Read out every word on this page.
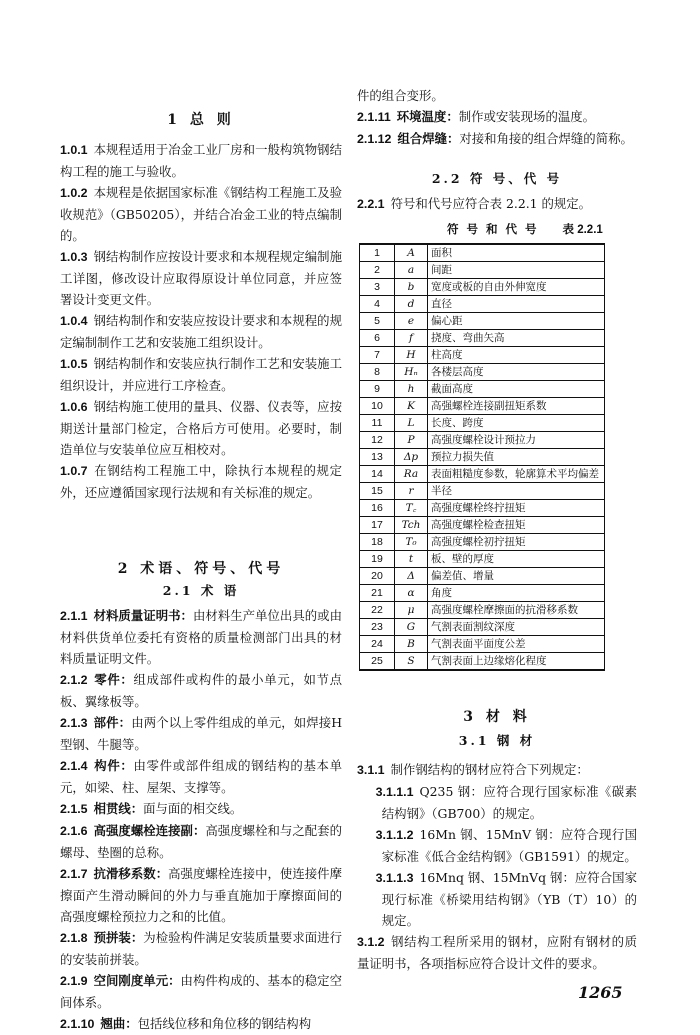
1 总 则

1.0.1 本规程适用于冶金工业厂房和一般构筑物钢结构工程的施工与验收。

1.0.2 本规程是依据国家标准《钢结构工程施工及验收规范》（GB50205），并结合冶金工业的特点编制的。

1.0.3 钢结构制作应按设计要求和本规程规定编制施工详图，修改设计应取得原设计单位同意，并应签署设计变更文件。

1.0.4 钢结构制作和安装应按设计要求和本规程的规定编制制作工艺和安装施工组织设计。

1.0.5 钢结构制作和安装应执行制作工艺和安装施工组织设计，并应进行工序检查。

1.0.6 钢结构施工使用的量具、仪器、仪表等，应按期送计量部门检定，合格后方可使用。必要时，制造单位与安装单位应互相校对。

1.0.7 在钢结构工程施工中，除执行本规程的规定外，还应遵循国家现行法规和有关标准的规定。

2 术语、符号、代号

2.1 术 语

2.1.1 材料质量证明书：由材料生产单位出具的或由材料供货单位委托有资格的质量检测部门出具的材料质量证明文件。

2.1.2 零件：组成部件或构件的最小单元，如节点板、翼缘板等。

2.1.3 部件：由两个以上零件组成的单元，如焊接H型钢、牛腿等。

2.1.4 构件：由零件或部件组成的钢结构的基本单元，如梁、柱、屋架、支撑等。

2.1.5 相贯线：面与面的相交线。

2.1.6 高强度螺栓连接副：高强度螺栓和与之配套的螺母、垫圈的总称。

2.1.7 抗滑移系数：高强度螺栓连接中，使连接件摩擦面产生滑动瞬间的外力与垂直施加于摩擦面间的高强度螺栓预拉力之和的比值。

2.1.8 预拼装：为检验构件满足安装质量要求面进行的安装前拼装。

2.1.9 空间刚度单元：由构件构成的、基本的稳定空间体系。

2.1.10 翘曲：包括线位移和角位移的钢结构构

件的组合变形。

2.1.11 环境温度：制作或安装现场的温度。

2.1.12 组合焊缝：对接和角接的组合焊缝的简称。

2.2 符 号、代 号

2.2.1 符号和代号应符合表 2.2.1 的规定。

符 号 和 代 号 表 2.2.1
1	A	面积
2	a	间距
3	b	宽度或板的自由外伸宽度
4	d	直径
5	e	偏心距
6	f	挠度、弯曲矢高
7	H	柱高度
8	Hₙ	各楼层高度
9	h	截面高度
10	K	高强螺栓连接副扭矩系数
11	L	长度、跨度
12	P	高强度螺栓设计预拉力
13	Δp	预拉力损失值
14	Ra	表面粗糙度参数，轮廓算术平均偏差
15	r	半径
16	T꜀	高强度螺栓终拧扭矩
17	Tch	高强度螺栓检查扭矩
18	T₀	高强度螺栓初拧扭矩
19	t	板、壁的厚度
20	Δ	偏差值、增量
21	α	角度
22	μ	高强度螺栓摩擦面的抗滑移系数
23	G	气割表面割纹深度
24	B	气割表面平面度公差
25	S	气割表面上边缘熔化程度

3 材 料

3.1 钢 材

3.1.1 制作钢结构的钢材应符合下列规定：

3.1.1.1 Q235 钢：应符合现行国家标准《碳素结构钢》（GB700）的规定。

3.1.1.2 16Mn 钢、15MnV 钢：应符合现行国家标准《低合金结构钢》（GB1591）的规定。

3.1.1.3 16Mnq 钢、15MnVq 钢：应符合国家现行标准《桥梁用结构钢》（YB（T）10）的规定。

3.1.2 钢结构工程所采用的钢材，应附有钢材的质量证明书，各项指标应符合设计文件的要求。

1265
